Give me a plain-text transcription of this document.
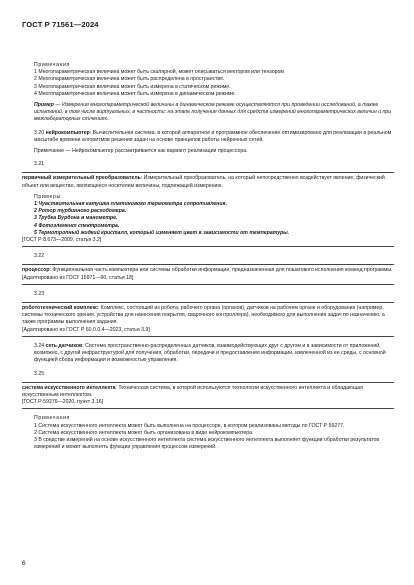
ГОСТ Р 71561—2024

Примечания

1 Многопараметрическая величина может быть скалярной, может описываться вектором или тензором

2 Многопараметрическая величина может быть распределена в пространстве.

3 Многопараметрическая величина может быть измерена в статическом режиме.

4 Многопараметрическая величина может быть измерена в динамическом режиме.

Пример — Измерения многопараметрической величины в динамическом режиме осуществляются при проведении исследований, а также испытаний, в том числе виртуальных, в частности: на этапе получения данных для средств измерений многопараметрических величин и при межлабораторных сличениях.

3.20 нейрокомпьютер: Вычислительная система, в которой аппаратное и программное обеспечение оптимизировано для реализации в реальном масштабе времени алгоритмов решения задач на основе принципов работы нейронных сетей.

Примечание — Нейрокомпьютер рассматривается как вариант реализации процессора.

3.21

первичный измерительный преобразователь: Измерительный преобразователь, на который непосредственно воздействует явление, физический объект или вещество, являющееся носителем величины, подлежащей измерению.

Примеры

1 Чувствительная катушка платинового термометра сопротивления.

2 Ротор турбинного расходомера.

3 Трубка Бурдона в манометре.

4 Фотоэлемент спектрометра.

5 Термотропный жидкий кристалл, который изменяет цвет в зависимости от температуры.

[ГОСТ Р 8.673—2009, статья 3.2]

3.22

процессор: Функциональная часть компьютера или системы обработки информации, предназначенная для пошагового исполнения команд программы.

[Адаптировано из ГОСТ 15971—90, статья 18]

3.23

робототехнический комплекс: Комплекс, состоящий из робота, рабочего органа (органов), датчиков на рабочем органе и оборудования (например, системы технического зрения, устройства для нанесения покрытия, сварочного контроллера), необходимого для выполнения задач по назначению, а также программы выполнения задания.

[Адаптировано из ГОСТ Р 60.0.0.4—2023, статья 3.9]

3.24 сеть датчиков: Система пространственно-распределенных датчиков, взаимодействующих друг с другом и в зависимости от приложений, возможно, с другой инфраструктурой для получения, обработки, передачи и предоставления информации, извлеченной из ее среды, с основной функцией сбора информации и возможностью управления.

3.25

система искусственного интеллекта: Техническая система, в которой используются технологии искусственного интеллекта и обладающая искусственным интеллектом.

[ГОСТ Р 59276—2020, пункт 3.16]

Примечания

1 Система искусственного интеллекта может быть выполнена на процессоре, в котором реализованы методы по ГОСТ Р 59277.

2 Система искусственного интеллекта может быть организована в виде нейрокомпьютера.

3 В средстве измерений на основе искусственного интеллекта система искусственного интеллекта выполняет функции обработки результатов измерений и может выполнять функции управления процессом измерений.

6
